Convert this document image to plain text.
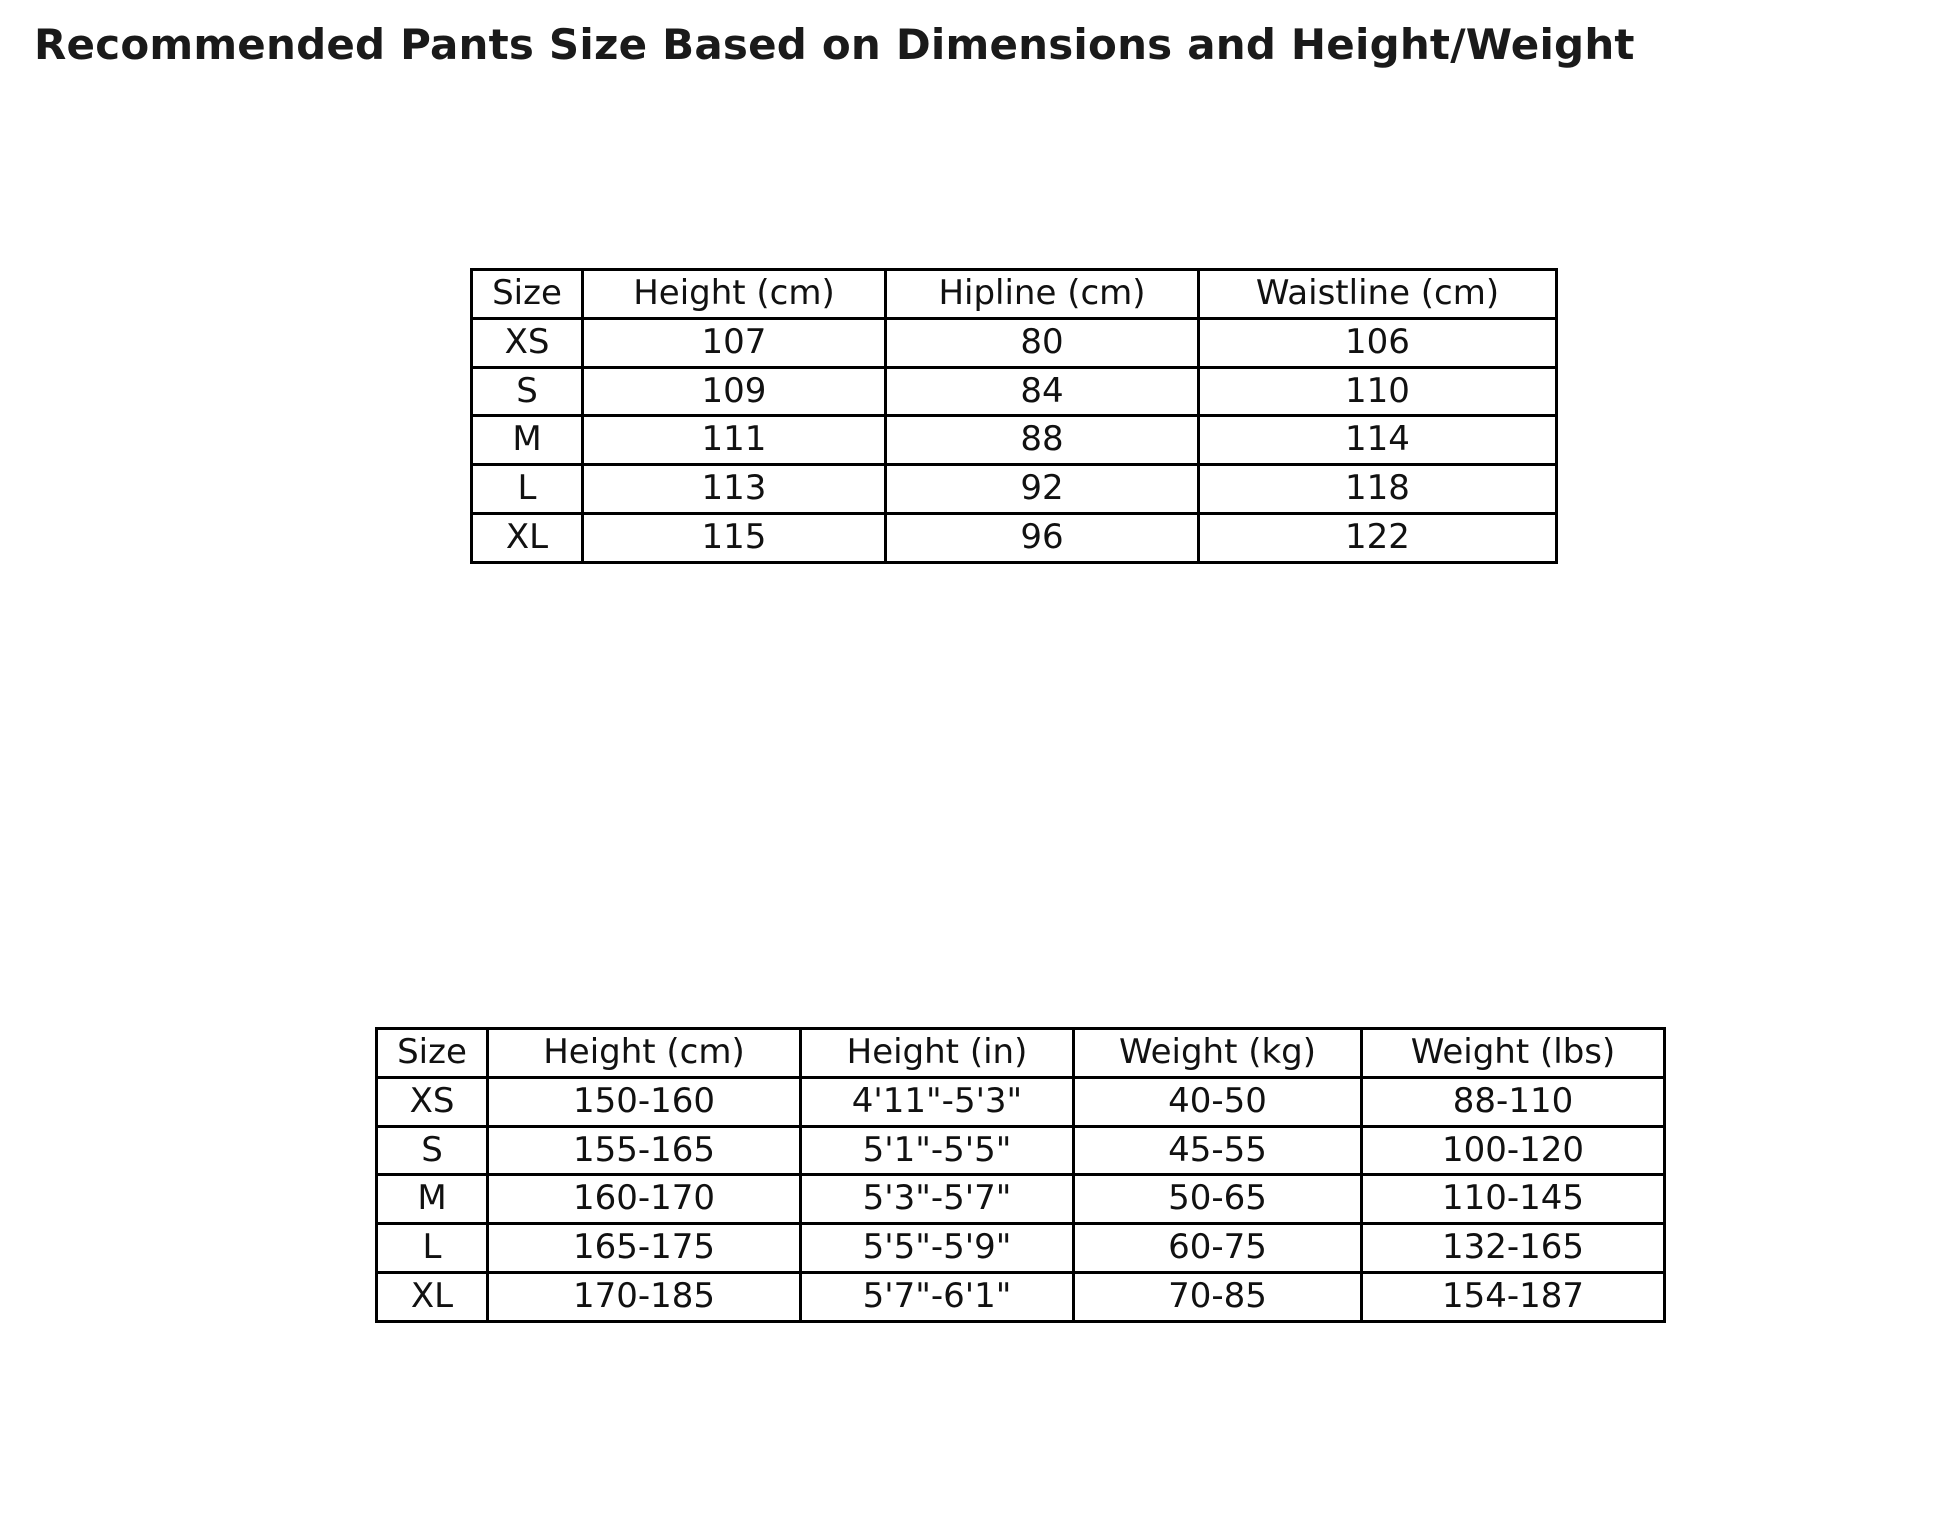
Recommended Pants Size Based on Dimensions and Height/Weight
Size	Height (cm)	Hipline (cm)	Waistline (cm)
XS	107	80	106
S	109	84	110
M	111	88	114
L	113	92	118
XL	115	96	122
Size	Height (cm)	Height (in)	Weight (kg)	Weight (lbs)
XS	150-160	4'11"-5'3"	40-50	88-110
S	155-165	5'1"-5'5"	45-55	100-120
M	160-170	5'3"-5'7"	50-65	110-145
L	165-175	5'5"-5'9"	60-75	132-165
XL	170-185	5'7"-6'1"	70-85	154-187
